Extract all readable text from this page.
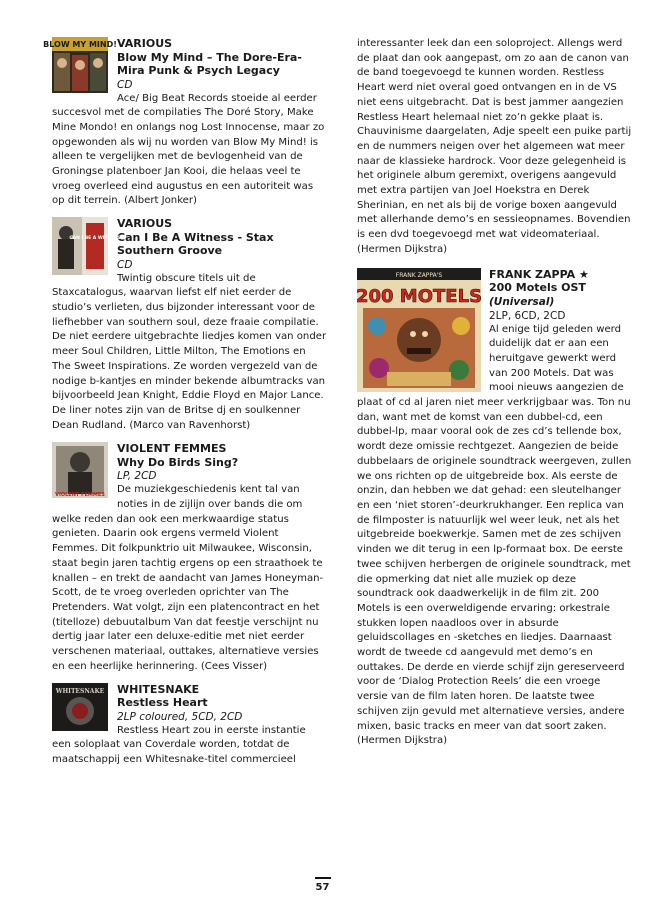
BLOW MY MIND! VARIOUS
Blow My Mind – The Dore-Era-Mira Punk & Psych Legacy
CD

Ace/ Big Beat Records stoeide al eerder succesvol met de compilaties The Doré Story, Make Mine Mondo! en onlangs nog Lost Innocense, maar zo opgewonden als wij nu worden van Blow My Mind! is alleen te vergelijken met de bevlogenheid van de Groningse platenboer Jan Kooi, die helaas veel te vroeg overleed eind augustus en een autoriteit was op dit terrein. (Albert Jonker)

CAN I BE A WITNESS
VARIOUS
Can I Be A Witness - Stax Southern Groove
CD

Twintig obscure titels uit de Staxcatalogus, waarvan liefst elf niet eerder de studio’s verlieten, dus bijzonder interessant voor de liefhebber van southern soul, deze fraaie compilatie. De niet eerdere uitgebrachte liedjes komen van onder meer Soul Children, Little Milton, The Emotions en The Sweet Inspirations. Ze worden vergezeld van de nodige b-kantjes en minder bekende albumtracks van bijvoorbeeld Jean Knight, Eddie Floyd en Major Lance. De liner notes zijn van de Britse dj en soulkenner Dean Rudland. (Marco van Ravenhorst)

VIOLENT FEMMES
VIOLENT FEMMES
Why Do Birds Sing?
LP, 2CD

De muziekgeschiedenis kent tal van noties in de zijlijn over bands die om welke reden dan ook een merkwaardige status genieten. Daarin ook ergens vermeld Violent Femmes. Dit folkpunktrio uit Milwaukee, Wisconsin, staat begin jaren tachtig ergens op een straathoek te knallen – en trekt de aandacht van James Honeyman-Scott, de te vroeg overleden oprichter van The Pretenders. Wat volgt, zijn een platencontract en het (titelloze) debuutalbum Van dat feestje verschijnt nu dertig jaar later een deluxe-editie met niet eerder verschenen materiaal, outtakes, alternatieve versies en een heerlijke herinnering. (Cees Visser)

WHITESNAKE	WHITESNAKE
Restless Heart
2LP coloured, 5CD, 2CD

Restless Heart zou in eerste instantie een soloplaat van Coverdale worden, totdat de maatschappij een Whitesnake-titel commercieel

interessanter leek dan een soloproject. Allengs werd de plaat dan ook aangepast, om zo aan de canon van de band toegevoegd te kunnen worden. Restless Heart werd niet overal goed ontvangen en in de VS niet eens uitgebracht. Dat is best jammer aangezien Restless Heart helemaal niet zo’n gekke plaat is. Chauvinisme daargelaten, Adje speelt een puike partij en de nummers neigen over het algemeen wat meer naar de klassieke hardrock. Voor deze gelegenheid is het originele album geremixt, overigens aangevuld met extra partijen van Joel Hoekstra en Derek Sherinian, en net als bij de vorige boxen aangevuld met allerhande demo’s en sessieopnames. Bovendien is een dvd toegevoegd met wat videomateriaal. (Hermen Dijkstra)

FRANK ZAPPA'S
200 MOTELS
FRANK ZAPPA ★
200 Motels OST
(Universal)
2LP, 6CD, 2CD

Al enige tijd geleden werd duidelijk dat er aan een heruitgave gewerkt werd van 200 Motels. Dat was mooi nieuws aangezien de plaat of cd al jaren niet meer verkrijgbaar was. Ton nu dan, want met de komst van een dubbel-cd, een dubbel-lp, maar vooral ook de zes cd’s tellende box, wordt deze omissie rechtgezet. Aangezien de beide dubbelaars de originele soundtrack weergeven, zullen we ons richten op de uitgebreide box. Als eerste de onzin, dan hebben we dat gehad: een sleutelhanger en een ‘niet storen’-deurkrukhanger. Een replica van de filmposter is natuurlijk wel weer leuk, net als het uitgebreide boekwerkje. Samen met de zes schijven vinden we dit terug in een lp-formaat box. De eerste twee schijven herbergen de originele soundtrack, met die opmerking dat niet alle muziek op deze soundtrack ook daadwerkelijk in de film zit. 200 Motels is een overweldigende ervaring: orkestrale stukken lopen naadloos over in absurde geluidscollages en -sketches en liedjes. Daarnaast wordt de tweede cd aangevuld met demo’s en outtakes. De derde en vierde schijf zijn gereserveerd voor de ‘Dialog Protection Reels’ die een vroege versie van de film laten horen. De laatste twee schijven zijn gevuld met alternatieve versies, andere mixen, basic tracks en meer van dat soort zaken. (Hermen Dijkstra)

57
